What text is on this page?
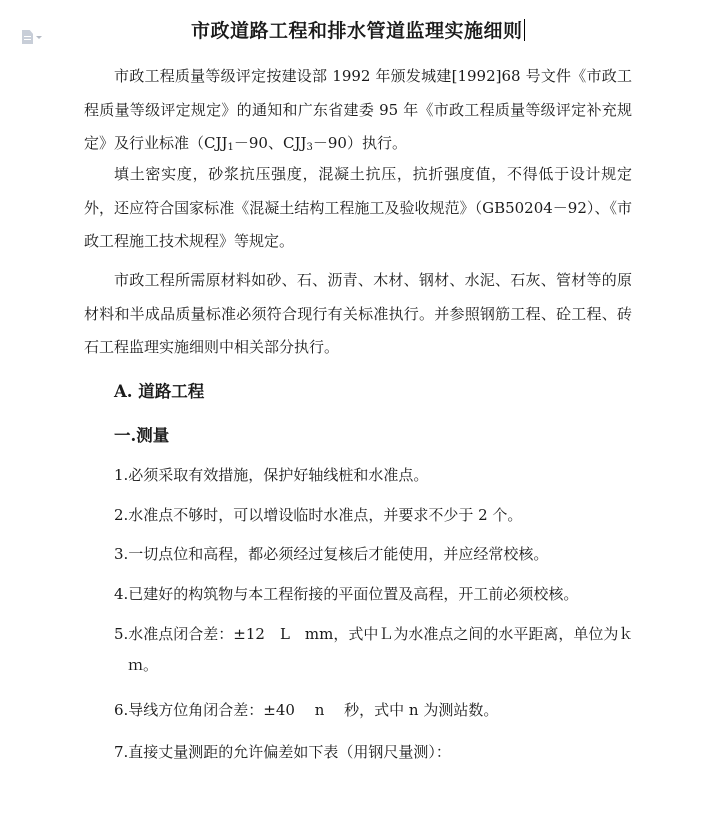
市政道路工程和排水管道监理实施细则

市政工程质量等级评定按建设部 1992 年颁发城建[1992]68 号文件《市政工程质量等级评定规定》的通知和广东省建委 95 年《市政工程质量等级评定补充规定》及行业标准（$CJJ_1-90$、$CJJ_3-90$）执行。

填土密实度，砂浆抗压强度，混凝土抗压，抗折强度值，不得低于设计规定外，还应符合国家标准《混凝土结构工程施工及验收规范》（GB50204－92）、《市政工程施工技术规程》等规定。

市政工程所需原材料如砂、石、沥青、木材、钢材、水泥、石灰、管材等的原材料和半成品质量标准必须符合现行有关标准执行。并参照钢筋工程、砼工程、砖石工程监理实施细则中相关部分执行。

A. 道路工程
一.测量

1.必须采取有效措施，保护好轴线桩和水准点。

2.水准点不够时，可以增设临时水准点，并要求不少于 2 个。

3.一切点位和高程，都必须经过复核后才能使用，并应经常校核。

4.已建好的构筑物与本工程衔接的平面位置及高程，开工前必须校核。

5.水准点闭合差：±12　L　mm，式中Ｌ为水准点之间的水平距离，单位为ｋｍ。

6.导线方位角闭合差：±40　 n　 秒，式中 n 为测站数。

7.直接丈量测距的允许偏差如下表（用钢尺量测）：
